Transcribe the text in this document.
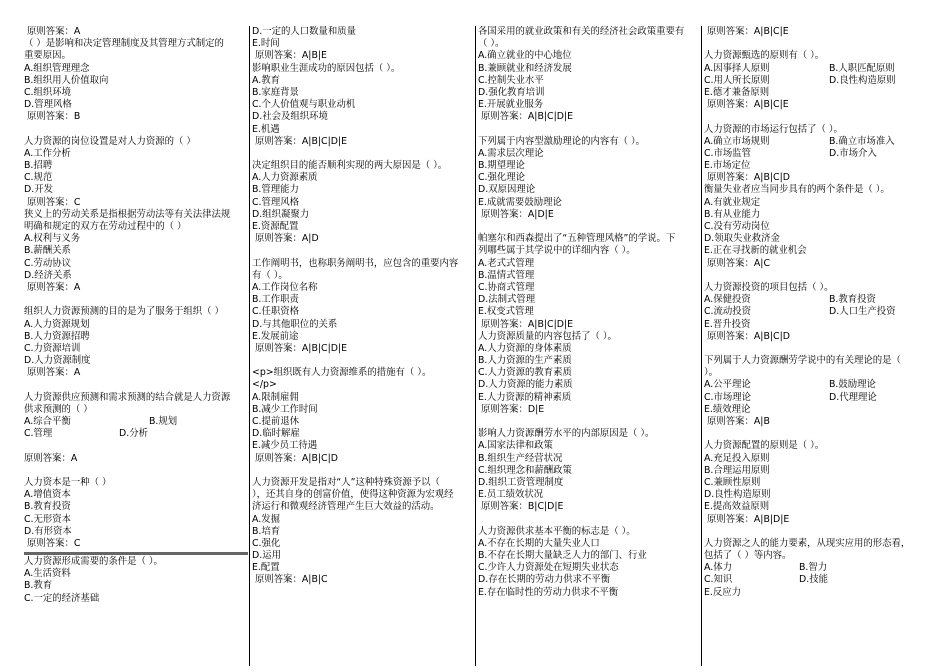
原则答案：A
（ ）是影响和决定管理制度及其管理方式制定的
重要原因。
A.组织管理理念
B.组织用人价值取向
C.组织环境
D.管理风格
原则答案：B
人力资源的岗位设置是对人力资源的（ ）
A.工作分析
B.招聘
C.规范
D.开发
原则答案：C
狭义上的劳动关系是指根据劳动法等有关法律法规
明确和规定的双方在劳动过程中的（ ）
A.权利与义务
B.薪酬关系
C.劳动协议
D.经济关系
原则答案：A
组织人力资源预测的目的是为了服务于组织（ ）
A.人力资源规划
B.人力资源招聘
C.力资源培训
D.人力资源制度
原则答案：A
人力资源供应预测和需求预测的结合就是人力资源
供求预测的（ ）
A.综合平衡	B.规划
C.管理	D.分析
原则答案：A
人力资本是一种（ ）
A.增值资本
B.教育投资
C.无形资本
D.有形资本
原则答案：C
人力资源形成需要的条件是（ ）。
A.生活资料
B.教育
C.一定的经济基础
D.一定的人口数量和质量
E.时间
原则答案：A|B|E
影响职业生涯成功的原因包括（ ）。
A.教育
B.家庭背景
C.个人价值观与职业动机
D.社会及组织环境
E.机遇
原则答案：A|B|C|D|E
决定组织目的能否顺利实现的两大原因是（ ）。
A.人力资源素质
B.管理能力
C.管理风格
D.组织凝聚力
E.资源配置
原则答案：A|D
工作阐明书，也称职务阐明书，应包含的重要内容
有（ ）。
A.工作岗位名称
B.工作职责
C.任职资格
D.与其他职位的关系
E.发展前途
原则答案：A|B|C|D|E
<p>组织既有人力资源维系的措施有（ ）。
</p>
A.限制雇佣
B.减少工作时间
C.提前退休
D.临时解雇
E.减少员工待遇
原则答案：A|B|C|D
人力资源开发是指对“人”这种特殊资源予以（
），还其自身的创富价值，使得这种资源为宏观经
济运行和微观经济管理产生巨大效益的活动。
A.发掘
B.培育
C.强化
D.运用
E.配置
原则答案：A|B|C
各国采用的就业政策和有关的经济社会政策重要有
（ ）。
A.确立就业的中心地位
B.兼顾就业和经济发展
C.控制失业水平
D.强化教育培训
E.开展就业服务
原则答案：A|B|C|D|E
下列属于内容型激励理论的内容有（ ）。
A.需求层次理论
B.期望理论
C.强化理论
D.双原因理论
E.成就需要鼓励理论
原则答案：A|D|E
帕塞尔和西森提出了“五种管理风格”的学说。下
列哪些属于其学说中的详细内容（ ）。
A.老式式管理
B.温情式管理
C.协商式管理
D.法制式管理
E.权变式管理
原则答案：A|B|C|D|E
人力资源质量的内容包括了（ ）。
A.人力资源的身体素质
B.人力资源的生产素质
C.人力资源的教育素质
D.人力资源的能力素质
E.人力资源的精神素质
原则答案：D|E
影响人力资源酬劳水平的内部原因是（ ）。
A.国家法律和政策
B.组织生产经营状况
C.组织理念和薪酬政策
D.组织工资管理制度
E.员工绩效状况
原则答案：B|C|D|E
人力资源供求基本平衡的标志是（ ）。
A.不存在长期的大量失业人口
B.不存在长期大量缺乏人力的部门、行业
C.少许人力资源处在短期失业状态
D.存在长期的劳动力供求不平衡
E.存在临时性的劳动力供求不平衡
原则答案：A|B|C|E
人力资源甄选的原则有（ ）。
A.因事择人原则	B.人职匹配原则
C.用人所长原则	D.良性构造原则
E.德才兼备原则
原则答案：A|B|C|E
人力资源的市场运行包括了（ ）。
A.确立市场规则	B.确立市场准入
C.市场监管	D.市场介入
E.市场定位
原则答案：A|B|C|D
衡量失业者应当同步具有的两个条件是（ ）。
A.有就业规定
B.有从业能力
C.没有劳动岗位
D.领取失业救济金
E.正在寻找新的就业机会
原则答案：A|C
人力资源投资的项目包括（ ）。
A.保健投资	B.教育投资
C.流动投资	D.人口生产投资
E.晋升投资
原则答案：A|B|C|D
下列属于人力资源酬劳学说中的有关理论的是（
）。
A.公平理论	B.鼓励理论
C.市场理论	D.代理理论
E.绩效理论
原则答案：A|B
人力资源配置的原则是（ ）。
A.充足投入原则
B.合理运用原则
C.兼顾性原则
D.良性构造原则
E.提高效益原则
原则答案：A|B|D|E
人力资源之人的能力要素，从现实应用的形态看，
包括了（ ）等内容。
A.体力	B.智力
C.知识	D.技能
E.反应力
